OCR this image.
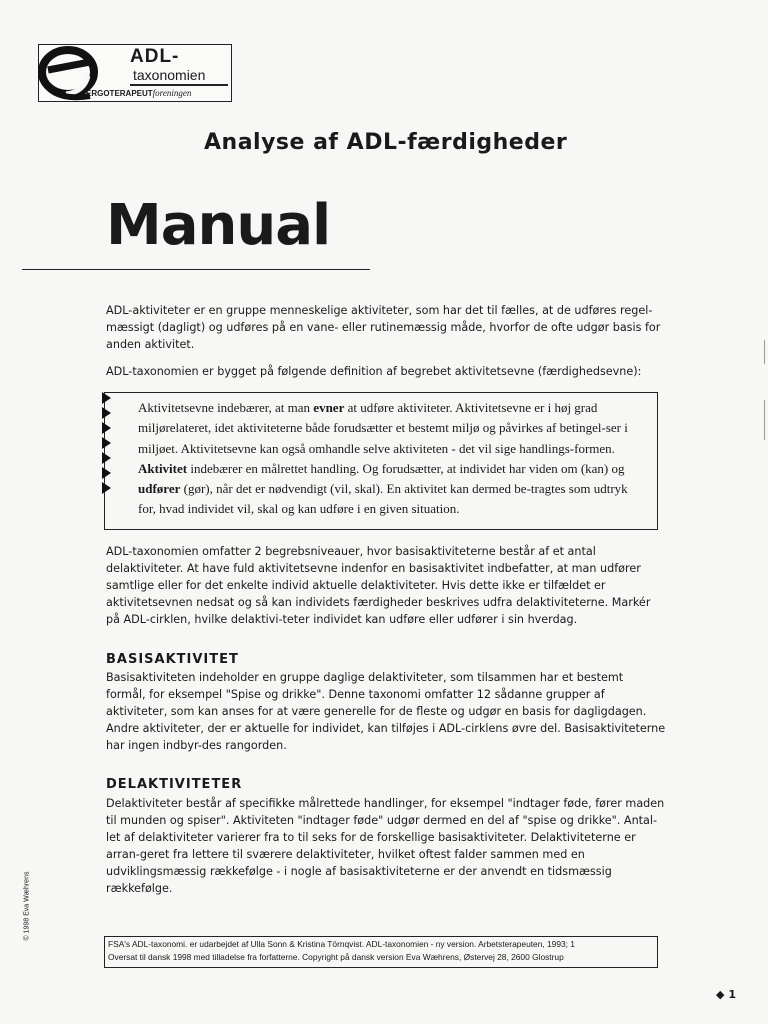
ADL-
taxonomien
ERGOTERAPEUTforeningen
Analyse af ADL-færdigheder
Manual

ADL-aktiviteter er en gruppe menneskelige aktiviteter, som har det til fælles, at de udføres regel-mæssigt (dagligt) og udføres på en vane- eller rutinemæssig måde, hvorfor de ofte udgør basis for anden aktivitet.

ADL-taxonomien er bygget på følgende definition af begrebet aktivitetsevne (færdighedsevne):

Aktivitetsevne indebærer, at man evner at udføre aktiviteter. Aktivitetsevne er i høj grad miljørelateret, idet aktiviteterne både forudsætter et bestemt miljø og påvirkes af betingel-ser i miljøet. Aktivitetsevne kan også omhandle selve aktiviteten - det vil sige handlings-formen. Aktivitet indebærer en målrettet handling. Og forudsætter, at individet har viden om (kan) og udfører (gør), når det er nødvendigt (vil, skal). En aktivitet kan dermed be-tragtes som udtryk for, hvad individet vil, skal og kan udføre i en given situation.

ADL-taxonomien omfatter 2 begrebsniveauer, hvor basisaktiviteterne består af et antal delaktiviteter. At have fuld aktivitetsevne indenfor en basisaktivitet indbefatter, at man udfører samtlige eller for det enkelte individ aktuelle delaktiviteter. Hvis dette ikke er tilfældet er aktivitetsevnen nedsat og så kan individets færdigheder beskrives udfra delaktiviteterne. Markér på ADL-cirklen, hvilke delaktivi-teter individet kan udføre eller udfører i sin hverdag.

BASISAKTIVITET

Basisaktiviteten indeholder en gruppe daglige delaktiviteter, som tilsammen har et bestemt formål, for eksempel "Spise og drikke". Denne taxonomi omfatter 12 sådanne grupper af aktiviteter, som kan anses for at være generelle for de fleste og udgør en basis for dagligdagen. Andre aktiviteter, der er aktuelle for individet, kan tilføjes i ADL-cirklens øvre del. Basisaktiviteterne har ingen indbyr-des rangorden.

DELAKTIVITETER

Delaktiviteter består af specifikke målrettede handlinger, for eksempel "indtager føde, fører maden til munden og spiser". Aktiviteten "indtager føde" udgør dermed en del af "spise og drikke". Antal-let af delaktiviteter varierer fra to til seks for de forskellige basisaktiviteter. Delaktiviteterne er arran-geret fra lettere til sværere delaktiviteter, hvilket oftest falder sammen med en udviklingsmæssig rækkefølge - i nogle af basisaktiviteterne er der anvendt en tidsmæssig rækkefølge.

FSA's ADL-taxonomi. er udarbejdet af Ulla Sonn & Kristina Törnqvist. ADL-taxonomien - ny version. Arbetsterapeuten, 1993; 1
Oversat til dansk 1998 med tilladelse fra forfatterne. Copyright på dansk version Eva Wæhrens, Østervej 28, 2600 Glostrup

© 1998 Eva Wæhrens
◆ 1
